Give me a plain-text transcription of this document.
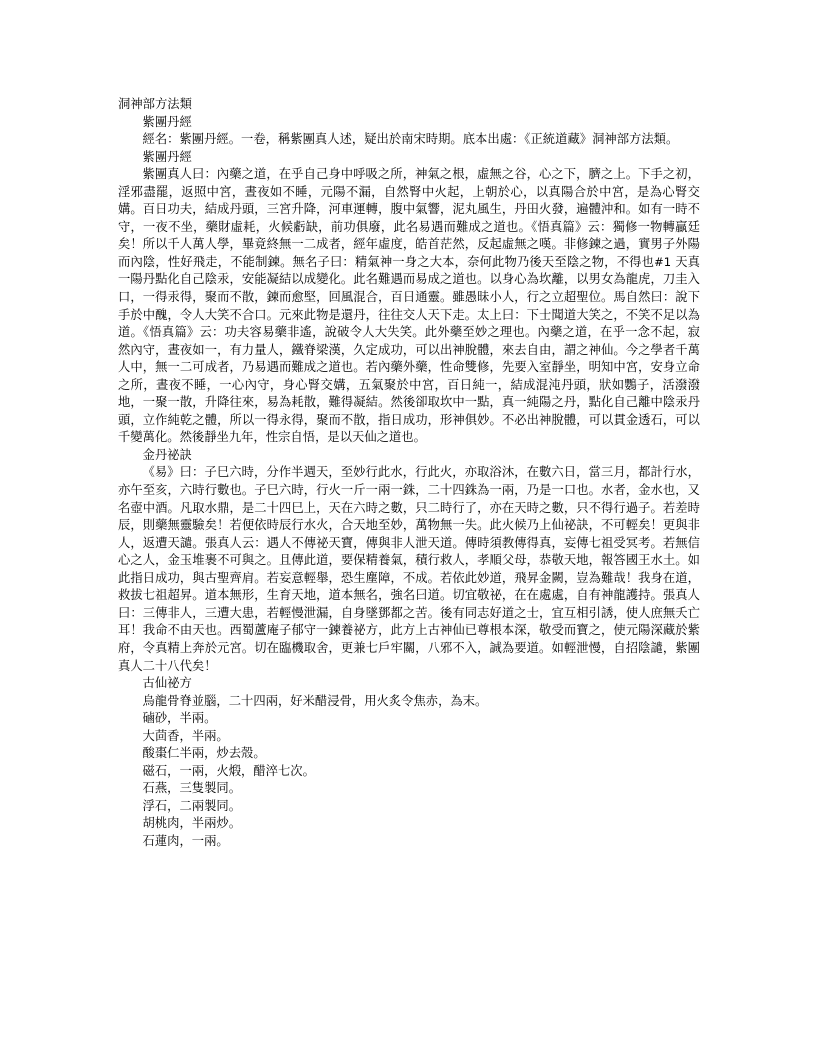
洞神部方法類

紫團丹經

經名：紫團丹經。一卷，稱紫團真人述，疑出於南宋時期。底本出處：《正統道藏》洞神部方法類。

紫團丹經

紫團真人曰：內藥之道，在乎自己身中呼吸之所，神氣之根，虛無之谷，心之下，臍之上。下手之初，淫邪盡罷，返照中宮，晝夜如不睡，元陽不漏，自然腎中火起，上朝於心，以真陽合於中宮，是為心腎交媾。百日功夫，結成丹頭，三宮升降，河車運轉，腹中氣響，泥丸風生，丹田火發，遍體沖和。如有一時不守，一夜不坐，藥財虛耗，火候虧缺，前功俱廢，此名易遇而難成之道也。《悟真篇》云：獨修一物轉贏廷矣！所以千人萬人學，畢竟終無一二成者，經年虛度，皓首茫然，反起虛無之嘆。非修鍊之過，實男子外陽而內陰，性好飛走，不能制鍊。無名子曰：精氣神一身之大本，奈何此物乃後天至陰之物，不得也#1 天真一陽丹點化自己陰汞，安能凝結以成變化。此名難遇而易成之道也。以身心為坎離，以男女為龍虎，刀圭入口，一得汞得，聚而不散，鍊而愈堅，回風混合，百日通靈。雖愚昧小人，行之立超聖位。馬自然曰：說下手於中醜，令人大笑不合口。元來此物是還丹，往往交人天下走。太上曰：下士聞道大笑之，不笑不足以為道。《悟真篇》云：功夫容易藥非遙，說破令人大失笑。此外藥至妙之理也。內藥之道，在乎一念不起，寂然內守，晝夜如一，有力量人，鐵脊梁漢，久定成功，可以出神脫體，來去自由，謂之神仙。今之學者千萬人中，無一二可成者，乃易遇而難成之道也。若內藥外藥，性命雙修，先要入室靜坐，明知中宮，安身立命之所，晝夜不睡，一心內守，身心腎交媾，五氣聚於中宮，百日純一，結成混沌丹頭，狀如鸚子，活潑潑地，一聚一散，升降往來，易為耗散，難得凝結。然後卻取坎中一點，真一純陽之丹，點化自己離中陰汞丹頭，立作純乾之體，所以一得永得，聚而不散，指日成功，形神俱妙。不必出神脫體，可以貫金透石，可以千變萬化。然後靜坐九年，性宗自悟，是以天仙之道也。

金丹祕訣

《易》曰：子巳六時，分作半週天，至妙行此水，行此火，亦取浴沐，在數六日，當三月，都計行水，亦午至亥，六時行數也。子巳六時，行火一斤一兩一銖，二十四銖為一兩，乃是一口也。水者，金水也，又名壺中酒。凡取水鼎，是二十四巳上，天在六時之數，只二時行了，亦在天時之數，只不得行過子。若差時辰，則藥無靈驗矣！若便依時辰行水火，合天地至妙，萬物無一失。此火候乃上仙祕訣，不可輕矣！更與非人，返遭天譴。張真人云：遇人不傳祕天寶，傳與非人泄天道。傳時須教傳得真，妄傳七祖受冥考。若無信心之人，金玉堆裹不可與之。且傳此道，要保精養氣，積行救人，孝順父母，恭敬天地，報答國王水土。如此指日成功，與古聖齊肩。若妄意輕舉，恐生塵障，不成。若依此妙道，飛昇金闕，豈為難哉！我身在道，救拔七祖超昇。道本無形，生育天地，道本無名，強名曰道。切宜敬祕，在在處處，自有神龍護持。張真人曰：三傳非人，三遭大患，若輕慢泄漏，自身墜鄧都之苦。後有同志好道之士，宜互相引誘，使人庶無夭亡耳！我命不由天也。西蜀蘆庵子郁守一鍊養祕方，此方上古神仙已尊根本深，敬受而寶之，使元陽深藏於紫府，令真精上奔於元宮。切在臨機取舍，更兼七戶牢關，八邪不入，誠為要道。如輕泄慢，自招陰譴，紫團真人二十八代矣！

古仙祕方

烏龍骨脊並腦，二十四兩，好米醋浸骨，用火炙令焦赤，為末。

磠砂，半兩。

大茴香，半兩。

酸棗仁半兩，炒去殼。

磁石，一兩，火煅，醋淬七次。

石燕，三隻製同。

浮石，二兩製同。

胡桃肉，半兩炒。

石蓮肉，一兩。
